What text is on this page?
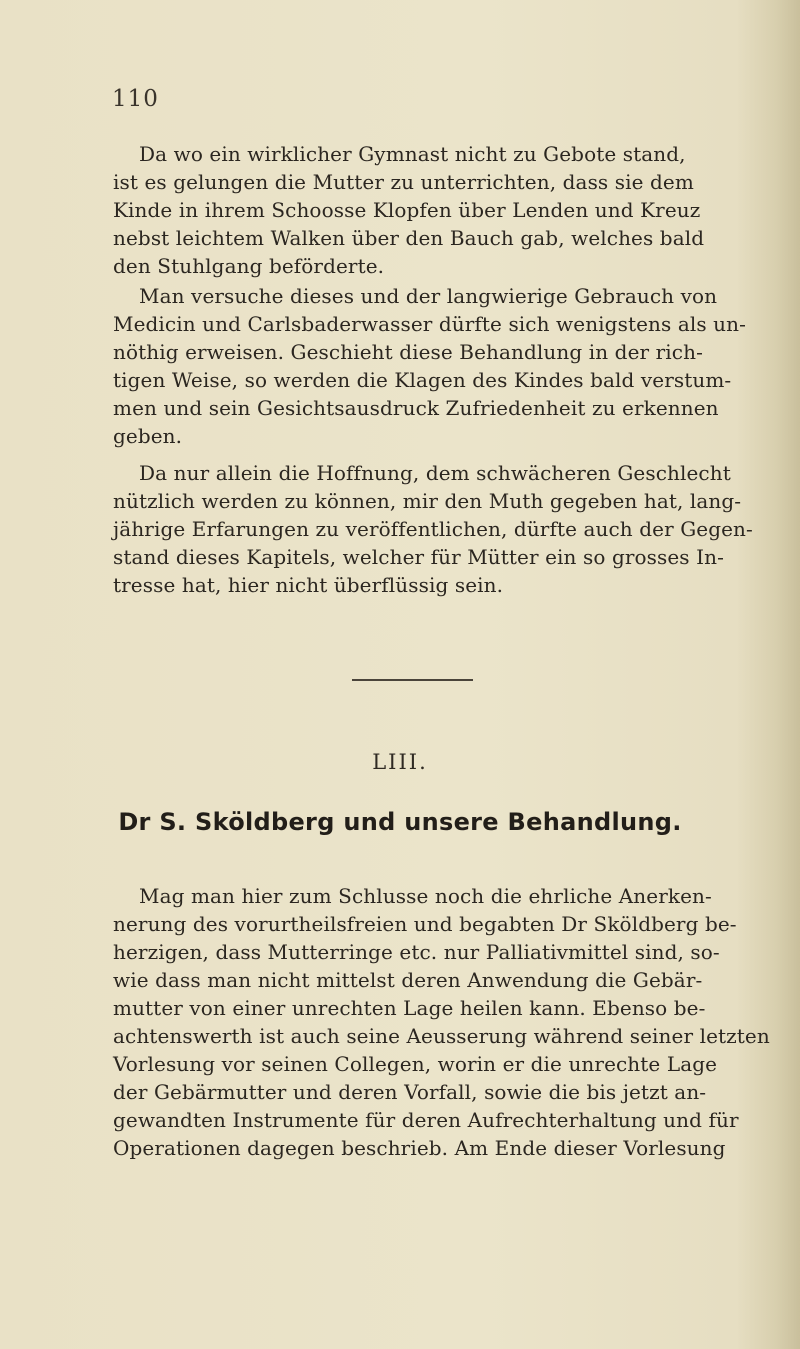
110

Da wo ein wirklicher Gymnast nicht zu Gebote stand,
ist es gelungen die Mutter zu unterrichten, dass sie dem
Kinde in ihrem Schoosse Klopfen über Lenden und Kreuz
nebst leichtem Walken über den Bauch gab, welches bald
den Stuhlgang beförderte.

Man versuche dieses und der langwierige Gebrauch von
Medicin und Carlsbaderwasser dürfte sich wenigstens als un-
nöthig erweisen. Geschieht diese Behandlung in der rich-
tigen Weise, so werden die Klagen des Kindes bald verstum-
men und sein Gesichtsausdruck Zufriedenheit zu erkennen
geben.

Da nur allein die Hoffnung, dem schwächeren Geschlecht
nützlich werden zu können, mir den Muth gegeben hat, lang-
jährige Erfarungen zu veröffentlichen, dürfte auch der Gegen-
stand dieses Kapitels, welcher für Mütter ein so grosses In-
tresse hat, hier nicht überflüssig sein.

LIII.
Dr S. Sköldberg und unsere Behandlung.

Mag man hier zum Schlusse noch die ehrliche Anerken-
nerung des vorurtheilsfreien und begabten Dr Sköldberg be-
herzigen, dass Mutterringe etc. nur Palliativmittel sind, so-
wie dass man nicht mittelst deren Anwendung die Gebär-
mutter von einer unrechten Lage heilen kann. Ebenso be-
achtenswerth ist auch seine Aeusserung während seiner letzten
Vorlesung vor seinen Collegen, worin er die unrechte Lage
der Gebärmutter und deren Vorfall, sowie die bis jetzt an-
gewandten Instrumente für deren Aufrechterhaltung und für
Operationen dagegen beschrieb. Am Ende dieser Vorlesung
